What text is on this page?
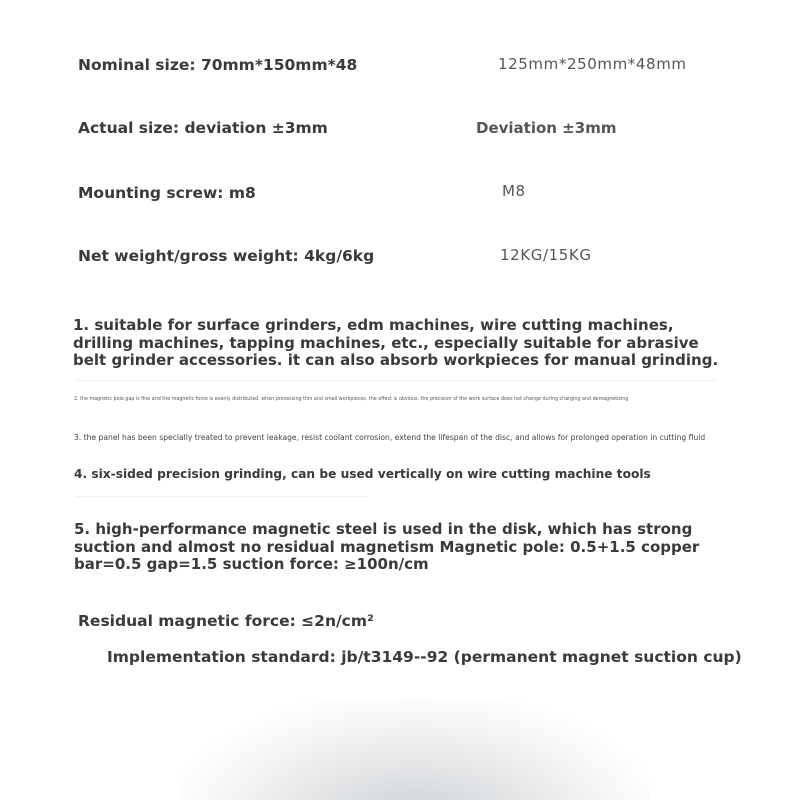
Nominal size: 70mm*150mm*48	125mm*250mm*48mm
Actual size: deviation ±3mm	Deviation ±3mm
Mounting screw: m8	M8
Net weight/gross weight: 4kg/6kg	12KG/15KG
1. suitable for surface grinders, edm machines, wire cutting machines, drilling machines, tapping machines, etc., especially suitable for abrasive belt grinder accessories. it can also absorb workpieces for manual grinding.
2. the magnetic pole gap is fine and the magnetic force is evenly distributed. when processing thin and small workpieces, the effect is obvious. the precision of the work surface does not change during charging and demagnetizing
3. the panel has been specially treated to prevent leakage, resist coolant corrosion, extend the lifespan of the disc, and allows for prolonged operation in cutting fluid
4. six-sided precision grinding, can be used vertically on wire cutting machine tools
5. high-performance magnetic steel is used in the disk, which has strong suction and almost no residual magnetism Magnetic pole: 0.5+1.5 copper bar=0.5 gap=1.5 suction force: ≥100n/cm
Residual magnetic force: ≤2n/cm²
Implementation standard: jb/t3149--92 (permanent magnet suction cup)
